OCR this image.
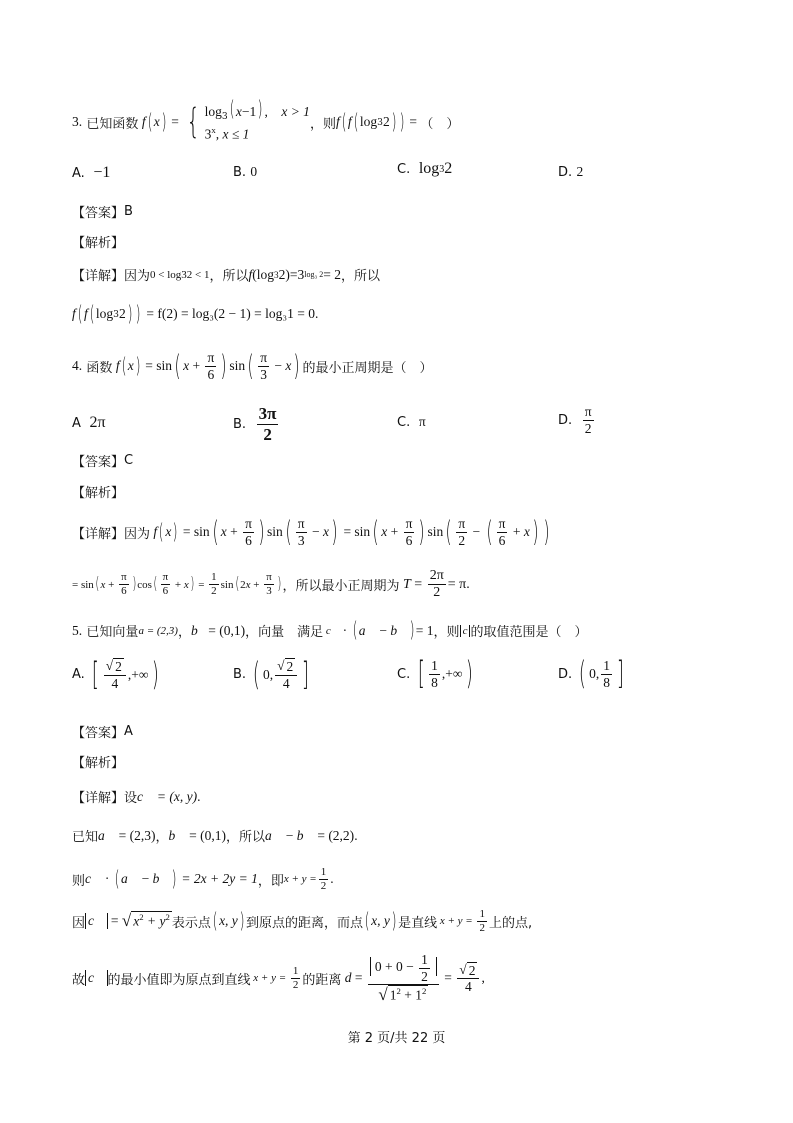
3.
已知函数 f ( x ) = { $\log_3$( x−1) ,    x > 1
3$^x$, x ≤ 1
，则 f ( f ( log 3 2 ) ) = （　）
A.
−1	B.
0	C.
log 3 2	D.
2
【答案】 B
【解析】
【详解】 因为 0 < log 3 2 < 1 ，所以 f (log 3 2)=3 log₃ 2 = 2 ，所以
f ( f ( log 3 2 ) )
= f(2) = log₃(2 − 1) = log₃1 = 0 .
4.
函数 f ( x ) = sin ( $x + \frac{\pi}{6}$ ) sin ( $\frac{\pi}{3} - x$ ) 的最小正周期是（　）
A
2π	B.
$\frac{3\pi}{2}$	C.
π	D.
$\frac{\pi}{2}$
【答案】 C
【解析】
【详解】 因为 f ( x ) = sin ( $x + \frac{\pi}{6}$ ) sin ( $\frac{\pi}{3} - x$ ) = sin ( $x + \frac{\pi}{6}$ ) sin ( $\frac{\pi}{2}$ − ( $\frac{\pi}{6} + x$ ) )
= sin ( $x + \frac{\pi}{6}$ ) cos ( $\frac{\pi}{6} + x$ ) = $\frac{1}{2}$ sin ( 2 $x + \frac{\pi}{3}$ ) ，所以最小正周期为 $T = \frac{2\pi}{2} = \pi$ .
5.
已知向量 a = (2,3) ， b⃗ = (0,1) ，向量　满足 c⃗ · ( a⃗ − b⃗ ) = 1 ，则 c 的取值范围是（　）
A.
[ $\frac{√ 2}{4}$ ,+∞ )	B.
( 0, $\frac{√ 2}{4}$ ]	C.
[ $\frac{1}{8}$ ,+∞ )	D.
( 0, $\frac{1}{8}$ ]
【答案】 A
【解析】
【详解】 设 c⃗
= (x, y) .
已知 a⃗
= (2,3) ， b⃗
= (0,1) ，所以 a⃗ − b⃗
= (2,2) .
则 c⃗ · ( a⃗ − b⃗ )
= 2x + 2y = 1 ，即 $x + y = \frac{1}{2}$ .
因 c⃗ = √ $x^2 + y^2$ 表示点 ( x, y ) 到原点的距离，而点 ( x, y ) 是直线 $x + y = \frac{1}{2}$ 上的点,
故 c⃗ 的最小值即为原点到直线 $x + y = \frac{1}{2}$ 的距离 $d = \frac{0 + 0 - \frac{1}{2}}{√ 1^2 + 1^2} = \frac{√ 2}{4}$ ,
第 2 页/共 22 页
